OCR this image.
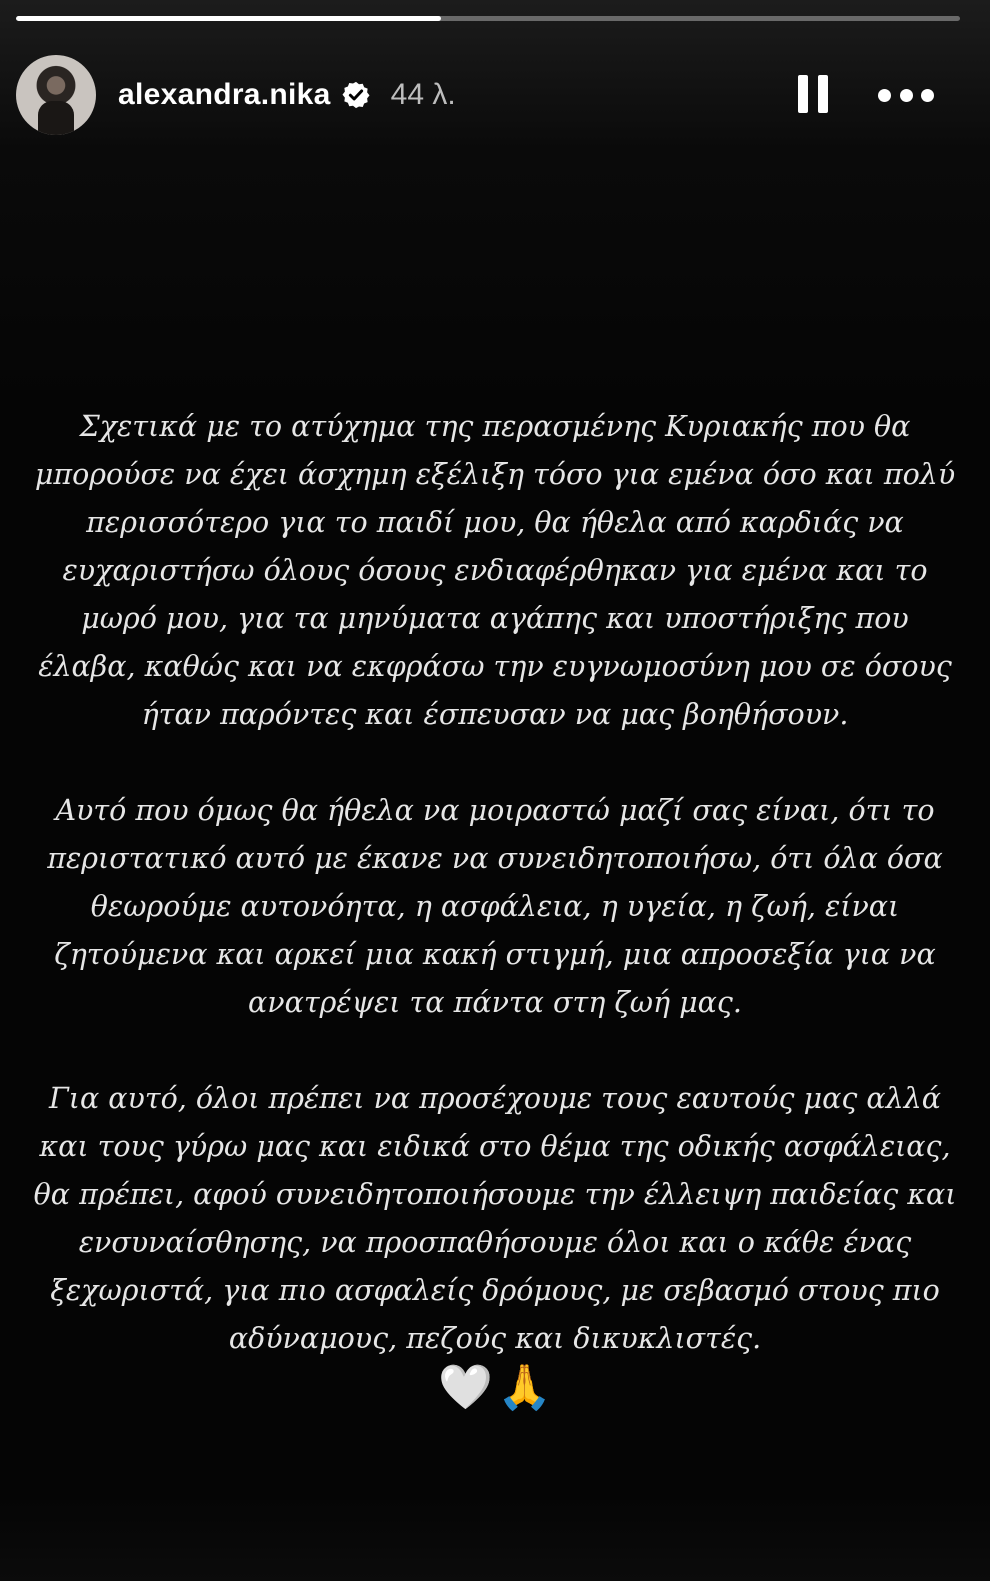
alexandra.nika 44 λ.

Σχετικά με το ατύχημα της περασμένης Κυριακής που θα μπορούσε να έχει άσχημη εξέλιξη τόσο για εμένα όσο και πολύ περισσότερο για το παιδί μου, θα ήθελα από καρδιάς να ευχαριστήσω όλους όσους ενδιαφέρθηκαν για εμένα και το μωρό μου, για τα μηνύματα αγάπης και υποστήριξης που έλαβα, καθώς και να εκφράσω την ευγνωμοσύνη μου σε όσους ήταν παρόντες και έσπευσαν να μας βοηθήσουν.

Αυτό που όμως θα ήθελα να μοιραστώ μαζί σας είναι, ότι το περιστατικό αυτό με έκανε να συνειδητοποιήσω, ότι όλα όσα θεωρούμε αυτονόητα, η ασφάλεια, η υγεία, η ζωή, είναι ζητούμενα και αρκεί μια κακή στιγμή, μια απροσεξία για να ανατρέψει τα πάντα στη ζωή μας.

Για αυτό, όλοι πρέπει να προσέχουμε τους εαυτούς μας αλλά και τους γύρω μας και ειδικά στο θέμα της οδικής ασφάλειας, θα πρέπει, αφού συνειδητοποιήσουμε την έλλειψη παιδείας και ενσυναίσθησης, να προσπαθήσουμε όλοι και ο κάθε ένας ξεχωριστά, για πιο ασφαλείς δρόμους, με σεβασμό στους πιο αδύναμους, πεζούς και δικυκλιστές.

🤍🙏
